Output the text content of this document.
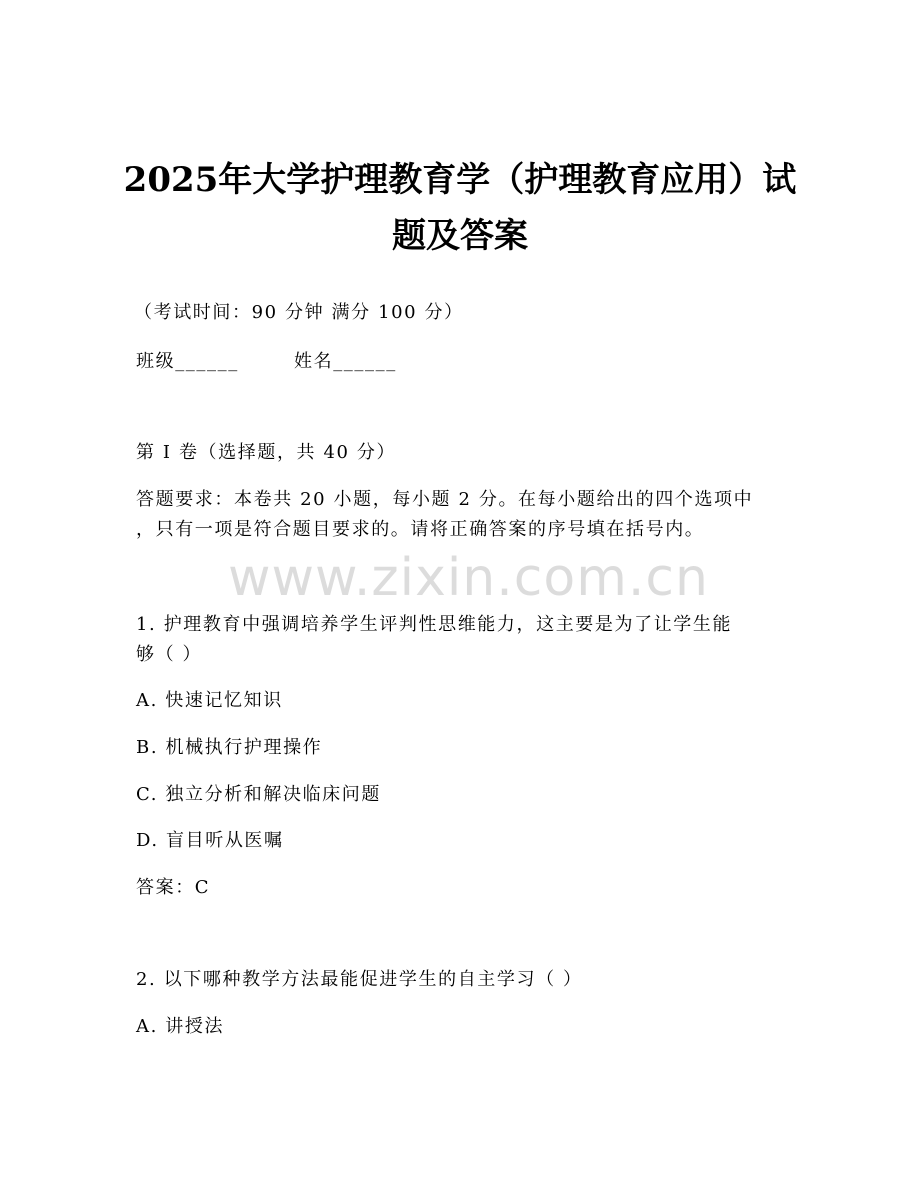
2025年大学护理教育学（护理教育应用）试
题及答案
（考试时间：90 分钟 满分 100 分）
班级______	姓名______
第 I 卷（选择题，共 40 分）
答题要求：本卷共 20 小题，每小题 2 分。在每小题给出的四个选项中
，只有一项是符合题目要求的。请将正确答案的序号填在括号内。
www.zixin.com.cn
1. 护理教育中强调培养学生评判性思维能力，这主要是为了让学生能
够（ ）
A. 快速记忆知识
B. 机械执行护理操作
C. 独立分析和解决临床问题
D. 盲目听从医嘱
答案：C
2. 以下哪种教学方法最能促进学生的自主学习（ ）
A. 讲授法
